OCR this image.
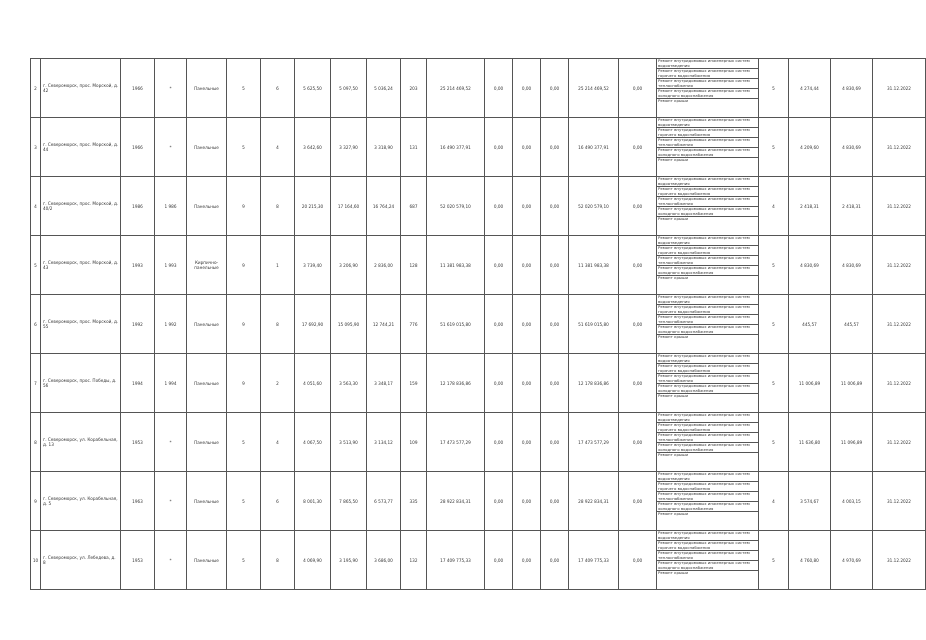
2	г. Североморск, прос. Морской, д. 42	1966	*	Панельные	5	6	5 625,50	5 097,50	5 036,24	203	25 214 469,52	0,00	0,00	0,00	25 214 469,52	0,00	Ремонт внутридомовых инженерных систем водоотведения
Ремонт внутридомовых инженерных систем горячего водоснабжения
Ремонт внутридомовых инженерных систем теплоснабжения
Ремонт внутридомовых инженерных систем холодного водоснабжения
Ремонт крыши	5	4 274,44	4 830,69	31.12.2022
3	г. Североморск, прос. Морской, д. 44	1966	*	Панельные	5	4	3 642,60	3 327,90	3 318,90	131	16 490 377,91	0,00	0,00	0,00	16 490 377,91	0,00	Ремонт внутридомовых инженерных систем водоотведения
Ремонт внутридомовых инженерных систем горячего водоснабжения
Ремонт внутридомовых инженерных систем теплоснабжения
Ремонт внутридомовых инженерных систем холодного водоснабжения
Ремонт крыши	5	4 209,60	4 830,69	31.12.2022
4	г. Североморск, прос. Морской, д. 40/2	1986	1 986	Панельные	9	8	20 215,30	17 164,60	16 764,24	687	52 020 579,10	0,00	0,00	0,00	52 020 579,10	0,00	Ремонт внутридомовых инженерных систем водоотведения
Ремонт внутридомовых инженерных систем горячего водоснабжения
Ремонт внутридомовых инженерных систем теплоснабжения
Ремонт внутридомовых инженерных систем холодного водоснабжения
Ремонт крыши	4	2 418,31	2 418,31	31.12.2022
5	г. Североморск, прос. Морской, д. 43	1993	1 993	Кирпично-панельные	9	1	3 739,40	3 206,90	2 836,00	128	11 381 983,38	0,00	0,00	0,00	11 381 983,38	0,00	Ремонт внутридомовых инженерных систем водоотведения
Ремонт внутридомовых инженерных систем горячего водоснабжения
Ремонт внутридомовых инженерных систем теплоснабжения
Ремонт внутридомовых инженерных систем холодного водоснабжения
Ремонт крыши	5	4 830,69	4 830,69	31.12.2022
6	г. Североморск, прос. Морской, д. 55	1992	1 992	Панельные	9	8	17 692,90	15 095,90	12 744,21	776	51 619 015,80	0,00	0,00	0,00	51 619 015,80	0,00	Ремонт внутридомовых инженерных систем водоотведения
Ремонт внутридомовых инженерных систем горячего водоснабжения
Ремонт внутридомовых инженерных систем теплоснабжения
Ремонт внутридомовых инженерных систем холодного водоснабжения
Ремонт крыши	5	445,57	445,57	31.12.2022
7	г. Североморск, прос. Победы, д. 56	1994	1 994	Панельные	9	2	4 051,60	3 563,30	3 348,17	159	12 178 836,86	0,00	0,00	0,00	12 178 836,86	0,00	Ремонт внутридомовых инженерных систем водоотведения
Ремонт внутридомовых инженерных систем горячего водоснабжения
Ремонт внутридомовых инженерных систем теплоснабжения
Ремонт внутридомовых инженерных систем холодного водоснабжения
Ремонт крыши	5	11 006,89	11 006,89	31.12.2022
8	г. Североморск, ул. Корабельная, д. 13	1953	*	Панельные	5	4	4 067,50	3 513,90	3 134,12	109	17 473 577,29	0,00	0,00	0,00	17 473 577,29	0,00	Ремонт внутридомовых инженерных систем водоотведения
Ремонт внутридомовых инженерных систем горячего водоснабжения
Ремонт внутридомовых инженерных систем теплоснабжения
Ремонт внутридомовых инженерных систем холодного водоснабжения
Ремонт крыши	5	11 636,80	11 096,89	31.12.2022
9	г. Североморск, ул. Корабельная, д. 5	1963	*	Панельные	5	6	8 001,30	7 865,50	6 573,77	335	28 922 834,31	0,00	0,00	0,00	28 922 834,31	0,00	Ремонт внутридомовых инженерных систем водоотведения
Ремонт внутридомовых инженерных систем горячего водоснабжения
Ремонт внутридомовых инженерных систем теплоснабжения
Ремонт внутридомовых инженерных систем холодного водоснабжения
Ремонт крыши	4	3 574,67	4 003,15	31.12.2022
10	г. Североморск, ул. Лебедева, д. 8	1953	*	Панельные	5	8	4 069,90	3 195,90	3 686,00	132	17 409 775,33	0,00	0,00	0,00	17 409 775,33	0,00	Ремонт внутридомовых инженерных систем водоотведения
Ремонт внутридомовых инженерных систем горячего водоснабжения
Ремонт внутридомовых инженерных систем теплоснабжения
Ремонт внутридомовых инженерных систем холодного водоснабжения
Ремонт крыши	5	4 760,80	4 970,69	31.12.2022
